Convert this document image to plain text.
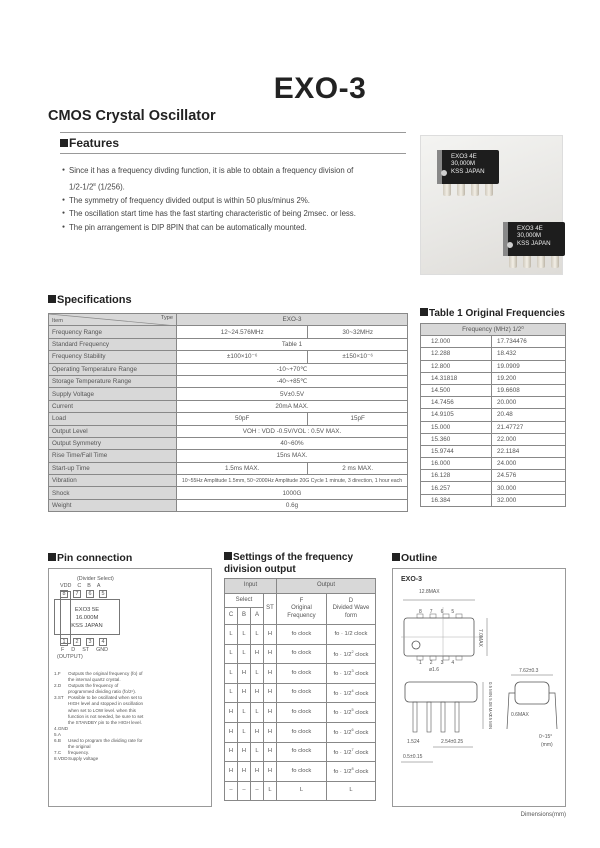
EXO-3
CMOS Crystal Oscillator
Features
● Since it has a frequency divding function, it is able to obtain a frequency division of
$1/2-1/2^8$ (1/256).
● The symmetry of frequency divided output is within 50 plus/minus 2%.
● The oscillation start time has the fast starting characteristic of being 2msec. or less.
● The pin arrangement is DIP 8PIN that can be automatically mounted.
EXO3 4E
30,000M
KSS JAPAN
EXO3 4E
30,000M
KSS JAPAN
Specifications
Item
Type	EXO-3	
Frequency Range	12~24.576MHz	30~32MHz
Standard Frequency	Table 1	
Frequency Stability	±100×10⁻⁶	±150×10⁻⁶
Operating Temperature Range	-10~+70℃	
Storage Temperature Range	-40~+85℃	
Supply Voltage	5V±0.5V	
Current	20mA MAX.	
Load	50pF	15pF
Output Level	VOH : VDD -0.5V/VOL : 0.5V MAX.	
Output Symmetry	40~60%	
Rise Time/Fall Time	15ns MAX.	
Start-up Time	1.5ms MAX.	2 ms MAX.
Vibration	10~55Hz Amplitude 1.5mm, 50~2000Hz Amplitude 20G Cycle 1 minute, 3 direction, 1 hour each	
Shock	1000G	
Weight	0.6g	
Table 1 Original Frequencies
Frequency (MHz) 1/2⁰	
12.000	17.734476
12.288	18.432
12.800	19.0909
14.31818	19.200
14.500	19.6608
14.7456	20.000
14.9105	20.48
15.000	21.47727
15.360	22.000
15.9744	22.1184
16.000	24.000
16.128	24.576
16.257	30.000
16.384	32.000
Pin connection
(Divider Select)
VDD C B A
8	7	6	5
EXO3 5E
16.000M
KSS JAPAN
1	2	3	4
F D ST GND
(OUTPUT)
1.F	Outputs the original frequency (fo) of the internal quartz crystal.
2.D	Outputs the frequency of programmed dividing ratio (fo/2ⁿ).
3.ST Possible to be oscillated when set to HIGH level and stopped in oscillation when set to LOW level. when this function is not needed, be sure to set the STANDBY pin to the HIGH level.
4.GND
5.A
6.B	Used to program the dividing rate for the original
7.C	frequency.
8.VDD Supply voltage
Settings of the frequency division output
Input				Output	
Select	ST	
F
Original Frequency

D
Divided Wave form

C	B	A			
L	L	L	H	fo clock	fo · 1/2 clock
L	L	H	H	fo clock	fo · $1/2^2$ clock
L	H	L	H	fo clock	fo · $1/2^3$ clock
L	H	H	H	fo clock	fo · $1/2^4$ clock
H	L	L	H	fo clock	fo · $1/2^5$ clock
H	L	H	H	fo clock	fo · $1/2^6$ clock
H	H	L	H	fo clock	fo · $1/2^7$ clock
H	H	H	H	fo clock	fo · $1/2^8$ clock
–	–	–	L	L	L
Outline
EXO-3
12.8MAX
8 7 6 5
1 2 3 4
7.0MAX
ø1.6	7.62±0.3
0.5 MIN 5.08 MAX
2.5 MIN	0.6MAX
1.524	2.54±0.25
0.5±0.15
0~15°
(mm)
Dimensions(mm)
